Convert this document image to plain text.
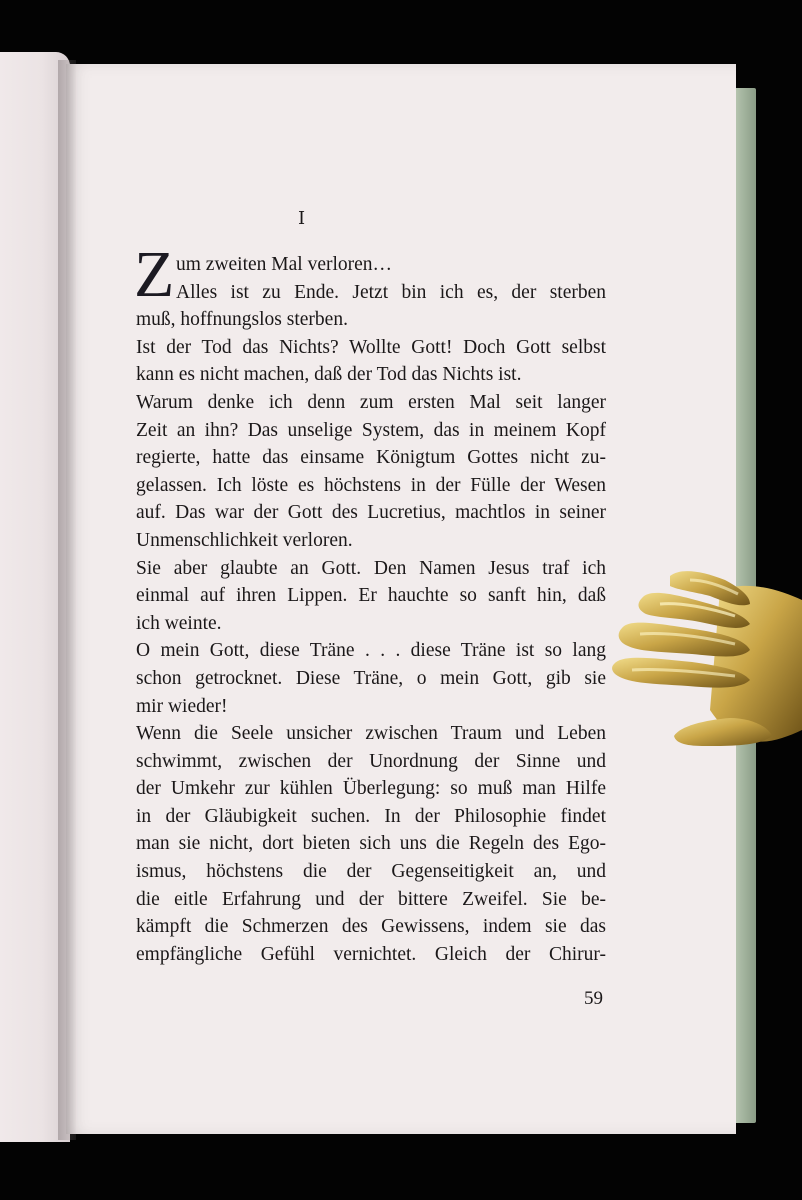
I
Z um zweiten Mal verloren…
Alles ist zu Ende. Jetzt bin ich es, der sterben
muß, hoffnungslos sterben.
Ist der Tod das Nichts? Wollte Gott! Doch Gott selbst
kann es nicht machen, daß der Tod das Nichts ist.
Warum denke ich denn zum ersten Mal seit langer
Zeit an ihn? Das unselige System, das in meinem Kopf
regierte, hatte das einsame Königtum Gottes nicht zu-
gelassen. Ich löste es höchstens in der Fülle der Wesen
auf. Das war der Gott des Lucretius, machtlos in seiner
Unmenschlichkeit verloren.
Sie aber glaubte an Gott. Den Namen Jesus traf ich
einmal auf ihren Lippen. Er hauchte so sanft hin, daß
ich weinte.
O mein Gott, diese Träne . . . diese Träne ist so lang
schon getrocknet. Diese Träne, o mein Gott, gib sie
mir wieder!
Wenn die Seele unsicher zwischen Traum und Leben
schwimmt, zwischen der Unordnung der Sinne und
der Umkehr zur kühlen Überlegung: so muß man Hilfe
in der Gläubigkeit suchen. In der Philosophie findet
man sie nicht, dort bieten sich uns die Regeln des Ego-
ismus, höchstens die der Gegenseitigkeit an, und
die eitle Erfahrung und der bittere Zweifel. Sie be-
kämpft die Schmerzen des Gewissens, indem sie das
empfängliche Gefühl vernichtet. Gleich der Chirur-
59
